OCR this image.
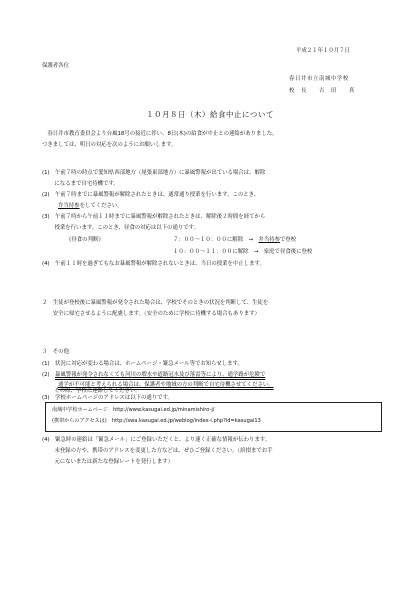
平成２１年１０月７日
保護者各位
春日井市立南城中学校
校　長　　吉　田　　真
１０月８日（木）給食中止について
　春日井市教育委員会より台風18号の接近に伴い、8日(木)の給食が中止との連絡がありました。
つきましては、明日の対応を次のようにお願いします。
(1)　午前７時の時点で愛知県西部地方（尾張東部地方）に暴風警報が出ている場合は、解除
　　 になるまで自宅待機です。
(2)　午前７時までに暴風警報が解除されたときは、通常通り授業を行います。このとき、
弁当持参をしてください。
(3)　午前７時から午前１１時までに暴風警報が解除されたときは、解除後２時間を経てから
　　 授業を行います。このとき、昼食の対応は以下の通りです。
《昼食の判断》	７：００～１０：００に解除　→　弁当持参で登校
１０：００～１１：００に解除　→　家庭で昼食後に登校
(4)　午前１１時を過ぎてもなお暴風警報が解除されないときは、当日の授業を中止します。
２　生徒が登校後に暴風警報が発令された場合は、学校でそのときの状況を判断して、生徒を
　　安全に帰宅させるように配慮します。（安全のために学校に待機する場合もあります）
３　その他
(1)　状況に対応が変わる場合は、ホームページ・緊急メール等でお知らせします。
(2)　暴風警報が発令されなくても河川の増水や道路冠水及び落雷等により、通学路が危険で
通学が不可能と考えられる場合は、保護者や地域の方の判断で自宅待機させてください。
　　 その際、学校に連絡してください。
南城中学校ホームページ　http://www.kasugai.ed.jp/minamishiro-j/
(携帯からのアクセスは)　http://swa.kasugai.ed.jp/weblog/index-i.php?id=kasugai13
(4)　緊急時の連絡は「緊急メール」にご登録いただくと、より速く正確な情報が伝わります。
　　 未登録の方や、携帯のアドレスを変更した方などは、ぜひご登録ください。（紛損までお手
　　 元にないまたは新たな登録レートを発行します）
(3)　学校ホームページのアドレスは以下の通りです。
